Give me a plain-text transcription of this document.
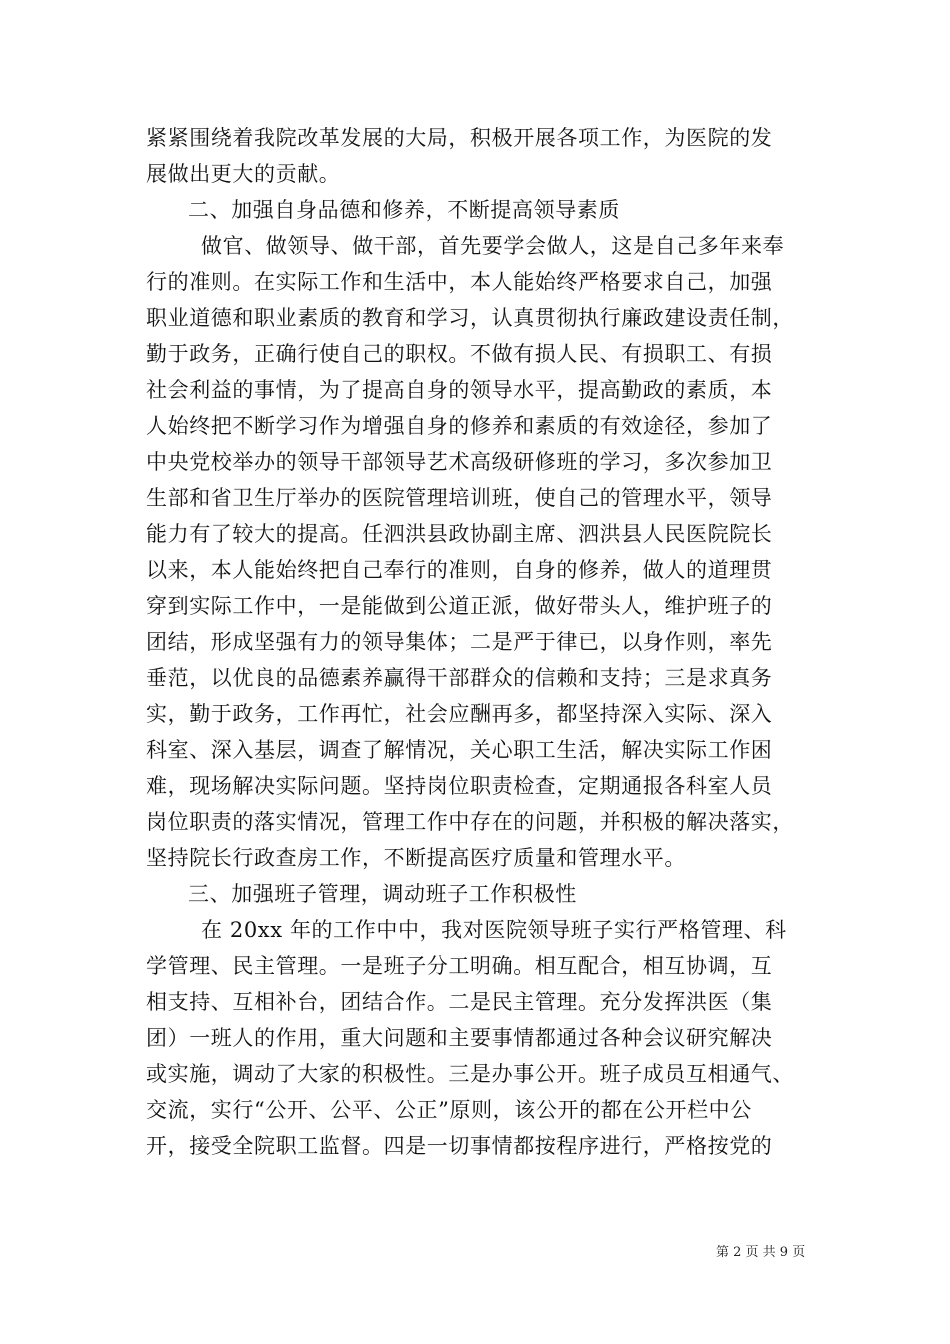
紧紧围绕着我院改革发展的大局，积极开展各项工作，为医院的发
展做出更大的贡献。
二、加强自身品德和修养，不断提高领导素质
做官、做领导、做干部，首先要学会做人，这是自己多年来奉
行的准则。在实际工作和生活中，本人能始终严格要求自己，加强
职业道德和职业素质的教育和学习，认真贯彻执行廉政建设责任制，
勤于政务，正确行使自己的职权。不做有损人民、有损职工、有损
社会利益的事情，为了提高自身的领导水平，提高勤政的素质，本
人始终把不断学习作为增强自身的修养和素质的有效途径，参加了
中央党校举办的领导干部领导艺术高级研修班的学习，多次参加卫
生部和省卫生厅举办的医院管理培训班，使自己的管理水平，领导
能力有了较大的提高。任泗洪县政协副主席、泗洪县人民医院院长
以来，本人能始终把自己奉行的准则，自身的修养，做人的道理贯
穿到实际工作中，一是能做到公道正派，做好带头人，维护班子的
团结，形成坚强有力的领导集体；二是严于律已，以身作则，率先
垂范，以优良的品德素养赢得干部群众的信赖和支持；三是求真务
实，勤于政务，工作再忙，社会应酬再多，都坚持深入实际、深入
科室、深入基层，调查了解情况，关心职工生活，解决实际工作困
难，现场解决实际问题。坚持岗位职责检查，定期通报各科室人员
岗位职责的落实情况，管理工作中存在的问题，并积极的解决落实，
坚持院长行政查房工作，不断提高医疗质量和管理水平。
三、加强班子管理，调动班子工作积极性
在 20xx 年的工作中中，我对医院领导班子实行严格管理、科
学管理、民主管理。一是班子分工明确。相互配合，相互协调，互
相支持、互相补台，团结合作。二是民主管理。充分发挥洪医（集
团）一班人的作用，重大问题和主要事情都通过各种会议研究解决
或实施，调动了大家的积极性。三是办事公开。班子成员互相通气、
交流，实行“公开、公平、公正”原则，该公开的都在公开栏中公
开，接受全院职工监督。四是一切事情都按程序进行，严格按党的
第 2 页 共 9 页
